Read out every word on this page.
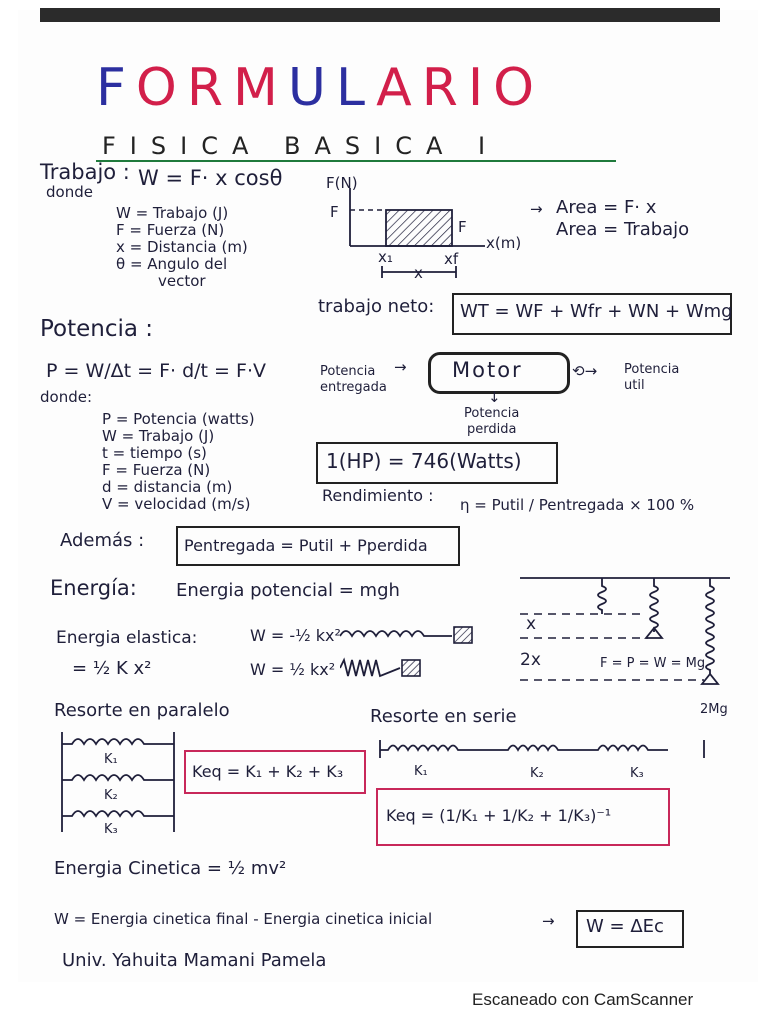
FORMULARIO
FISICA BASICA I
Trabajo : W = F· x cosθ
donde
W = Trabajo (J)
F = Fuerza (N)
x = Distancia (m)
θ = Angulo del
vector
F(N)
F
F
x(m)
x₁	xf
x
→ Area = F· x
Area = Trabajo
trabajo neto: WT = WF + Wfr + WN + Wmg
Potencia :
P = W/Δt = F· d/t = F·V
donde:
P = Potencia (watts)
W = Trabajo (J)
t = tiempo (s)
F = Fuerza (N)
d = distancia (m)
V = velocidad (m/s)
Potencia
entregada
→ Motor	⟲→ Potencia
util
↓
Potencia
perdida
1(HP) = 746(Watts)
Rendimiento : η = Putil / Pentregada × 100 %
Además : Pentregada = Putil + Pperdida
Energía: Energia potencial = mgh
Energia elastica:
= ½ K x²
W = -½ kx²
W = ½ kx²
x
2x	F = P = W = Mg
2Mg
Resorte en paralelo
K₁
K₂
K₃
Keq = K₁ + K₂ + K₃
Resorte en serie
K₁	K₂	K₃
Keq = (1/K₁ + 1/K₂ + 1/K₃)⁻¹
Energia Cinetica = ½ mv²
W = Energia cinetica final - Energia cinetica inicial	→ W = ΔEc
Univ. Yahuita Mamani Pamela
Escaneado con CamScanner
